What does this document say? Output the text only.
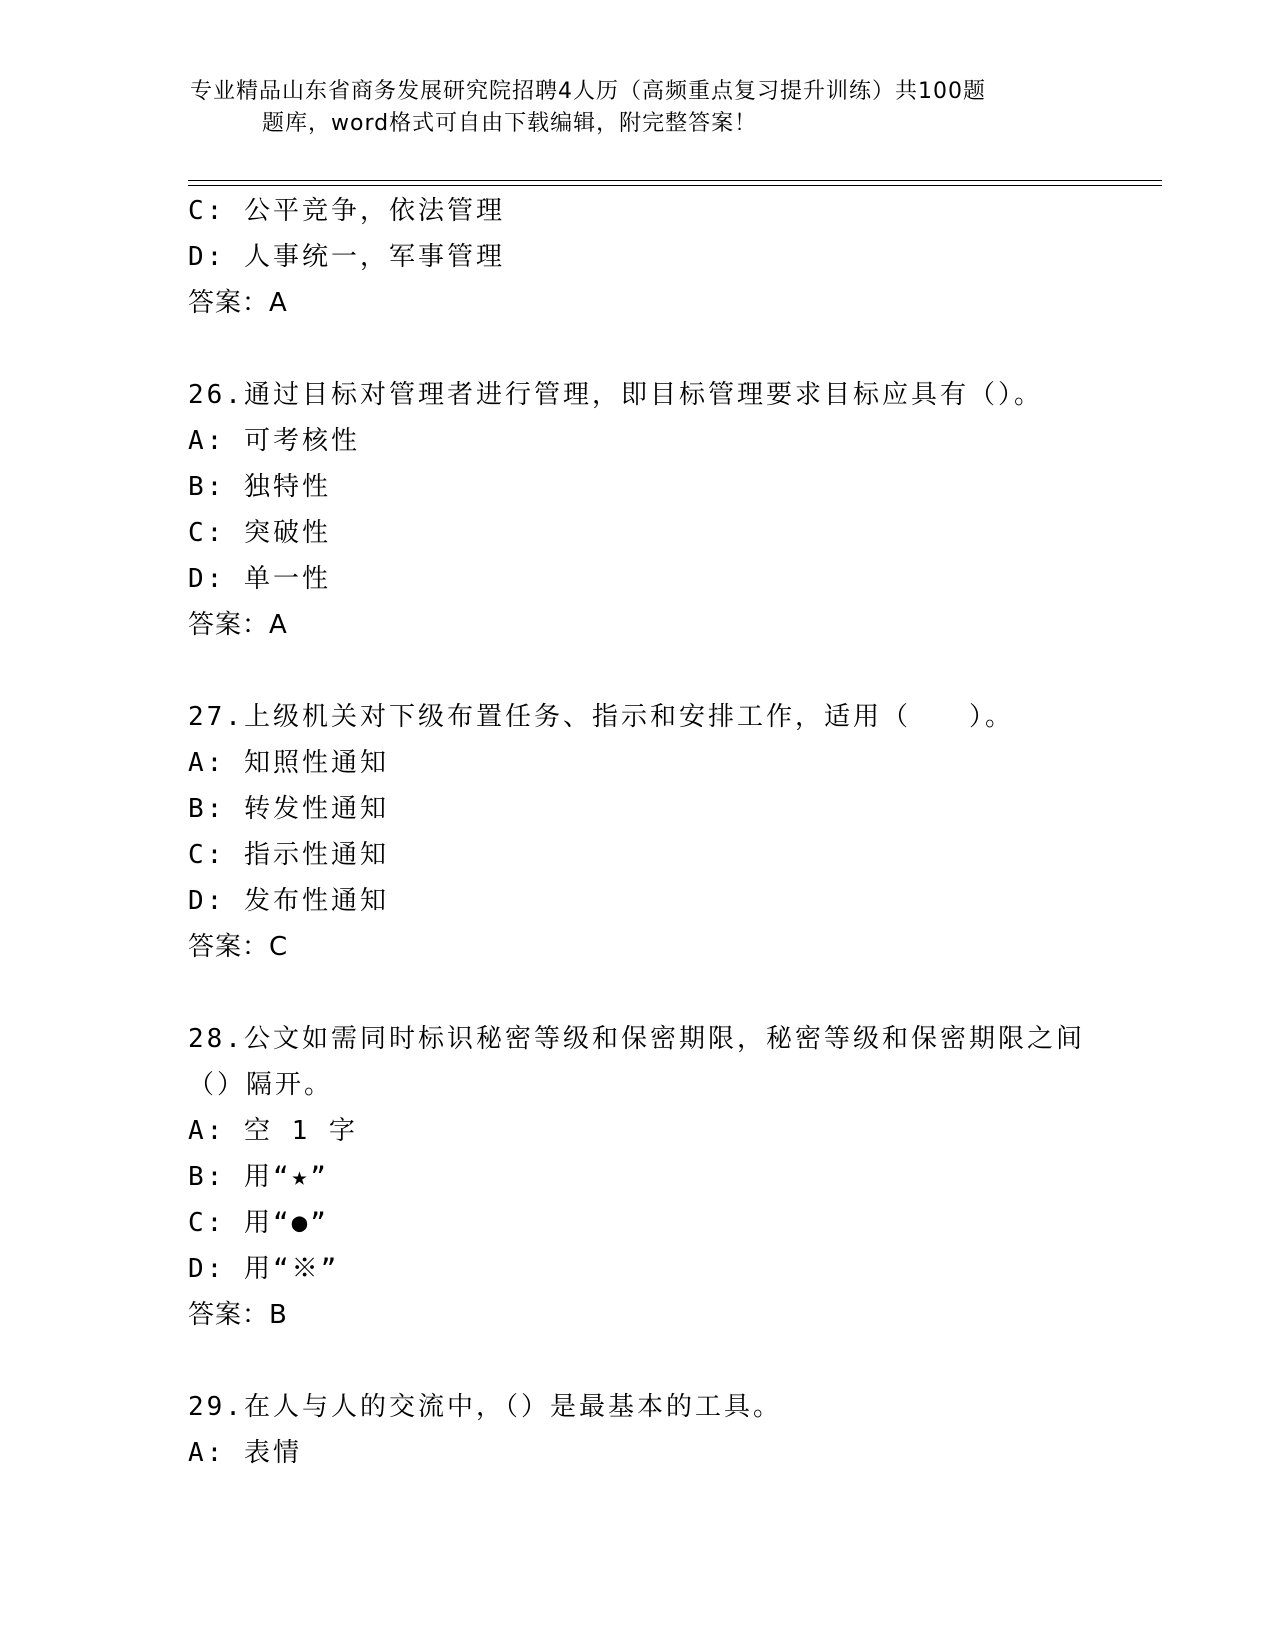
专业精品山东省商务发展研究院招聘4人历（高频重点复习提升训练）共100题
题库，word格式可自由下载编辑，附完整答案！
C: 公平竞争，依法管理
D: 人事统一，军事管理
答案：A
26.通过目标对管理者进行管理，即目标管理要求目标应具有（）。
A: 可考核性
B: 独特性
C: 突破性
D: 单一性
答案：A
27.上级机关对下级布置任务、指示和安排工作，适用（　　）。
A: 知照性通知
B: 转发性通知
C: 指示性通知
D: 发布性通知
答案：C
28.公文如需同时标识秘密等级和保密期限，秘密等级和保密期限之间
（）隔开。
A: 空 1 字
B: 用“★”
C: 用“●”
D: 用“※”
答案：B
29.在人与人的交流中，（）是最基本的工具。
A: 表情
